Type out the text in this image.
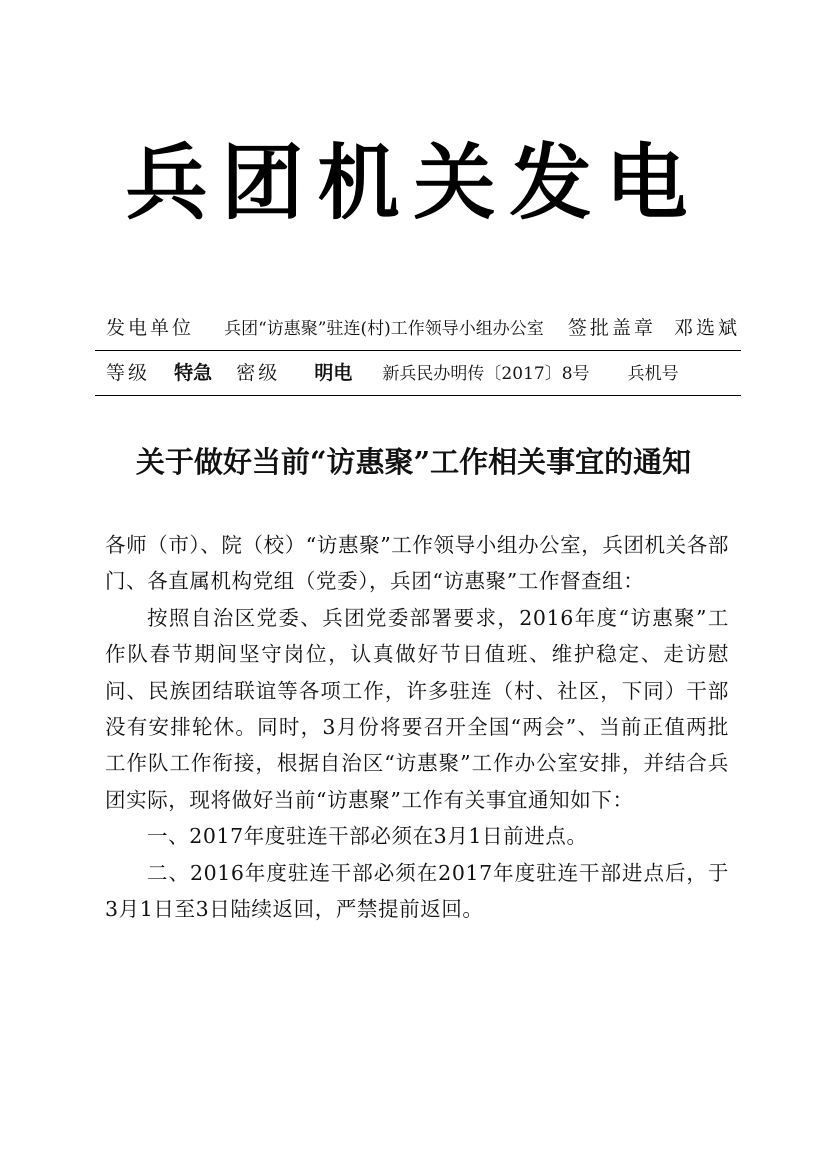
兵团机关发电
发电单位 兵团“访惠聚”驻连(村)工作领导小组办公室 签批盖章 邓选斌
等级 特急 密级 明电 新兵民办明传〔2017〕8号 兵机号
关于做好当前“访惠聚”工作相关事宜的通知

各师（市）、院（校）“访惠聚”工作领导小组办公室，兵团机关各部门、各直属机构党组（党委），兵团“访惠聚”工作督查组：

按照自治区党委、兵团党委部署要求，2016年度“访惠聚”工作队春节期间坚守岗位，认真做好节日值班、维护稳定、走访慰问、民族团结联谊等各项工作，许多驻连（村、社区，下同）干部没有安排轮休。同时，3月份将要召开全国“两会”、当前正值两批工作队工作衔接，根据自治区“访惠聚”工作办公室安排，并结合兵团实际，现将做好当前“访惠聚”工作有关事宜通知如下：

一、2017年度驻连干部必须在3月1日前进点。

二、2016年度驻连干部必须在2017年度驻连干部进点后，于3月1日至3日陆续返回，严禁提前返回。
